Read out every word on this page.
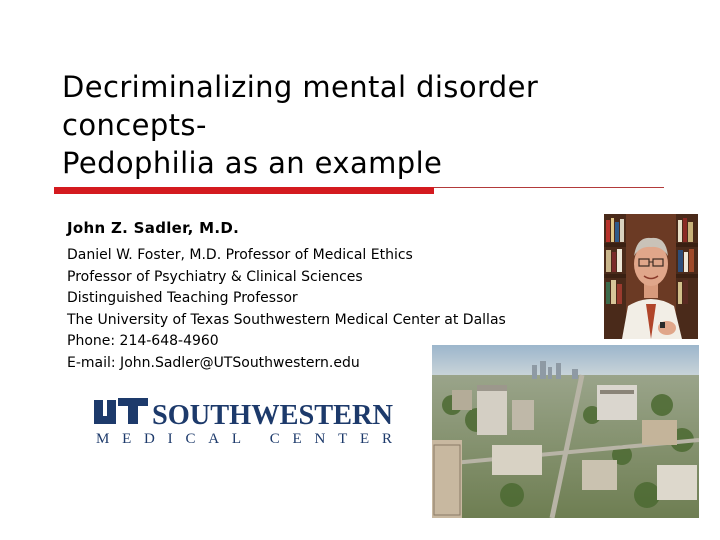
Decriminalizing mental disorder
concepts-
Pedophilia as an example
John Z. Sadler, M.D.
Daniel W. Foster, M.D. Professor of Medical Ethics
Professor of Psychiatry & Clinical Sciences
Distinguished Teaching Professor
The University of Texas Southwestern Medical Center at Dallas
Phone: 214-648-4960
E-mail: John.Sadler@UTSouthwestern.edu
SOUTHWESTERN
MEDICAL CENTER
